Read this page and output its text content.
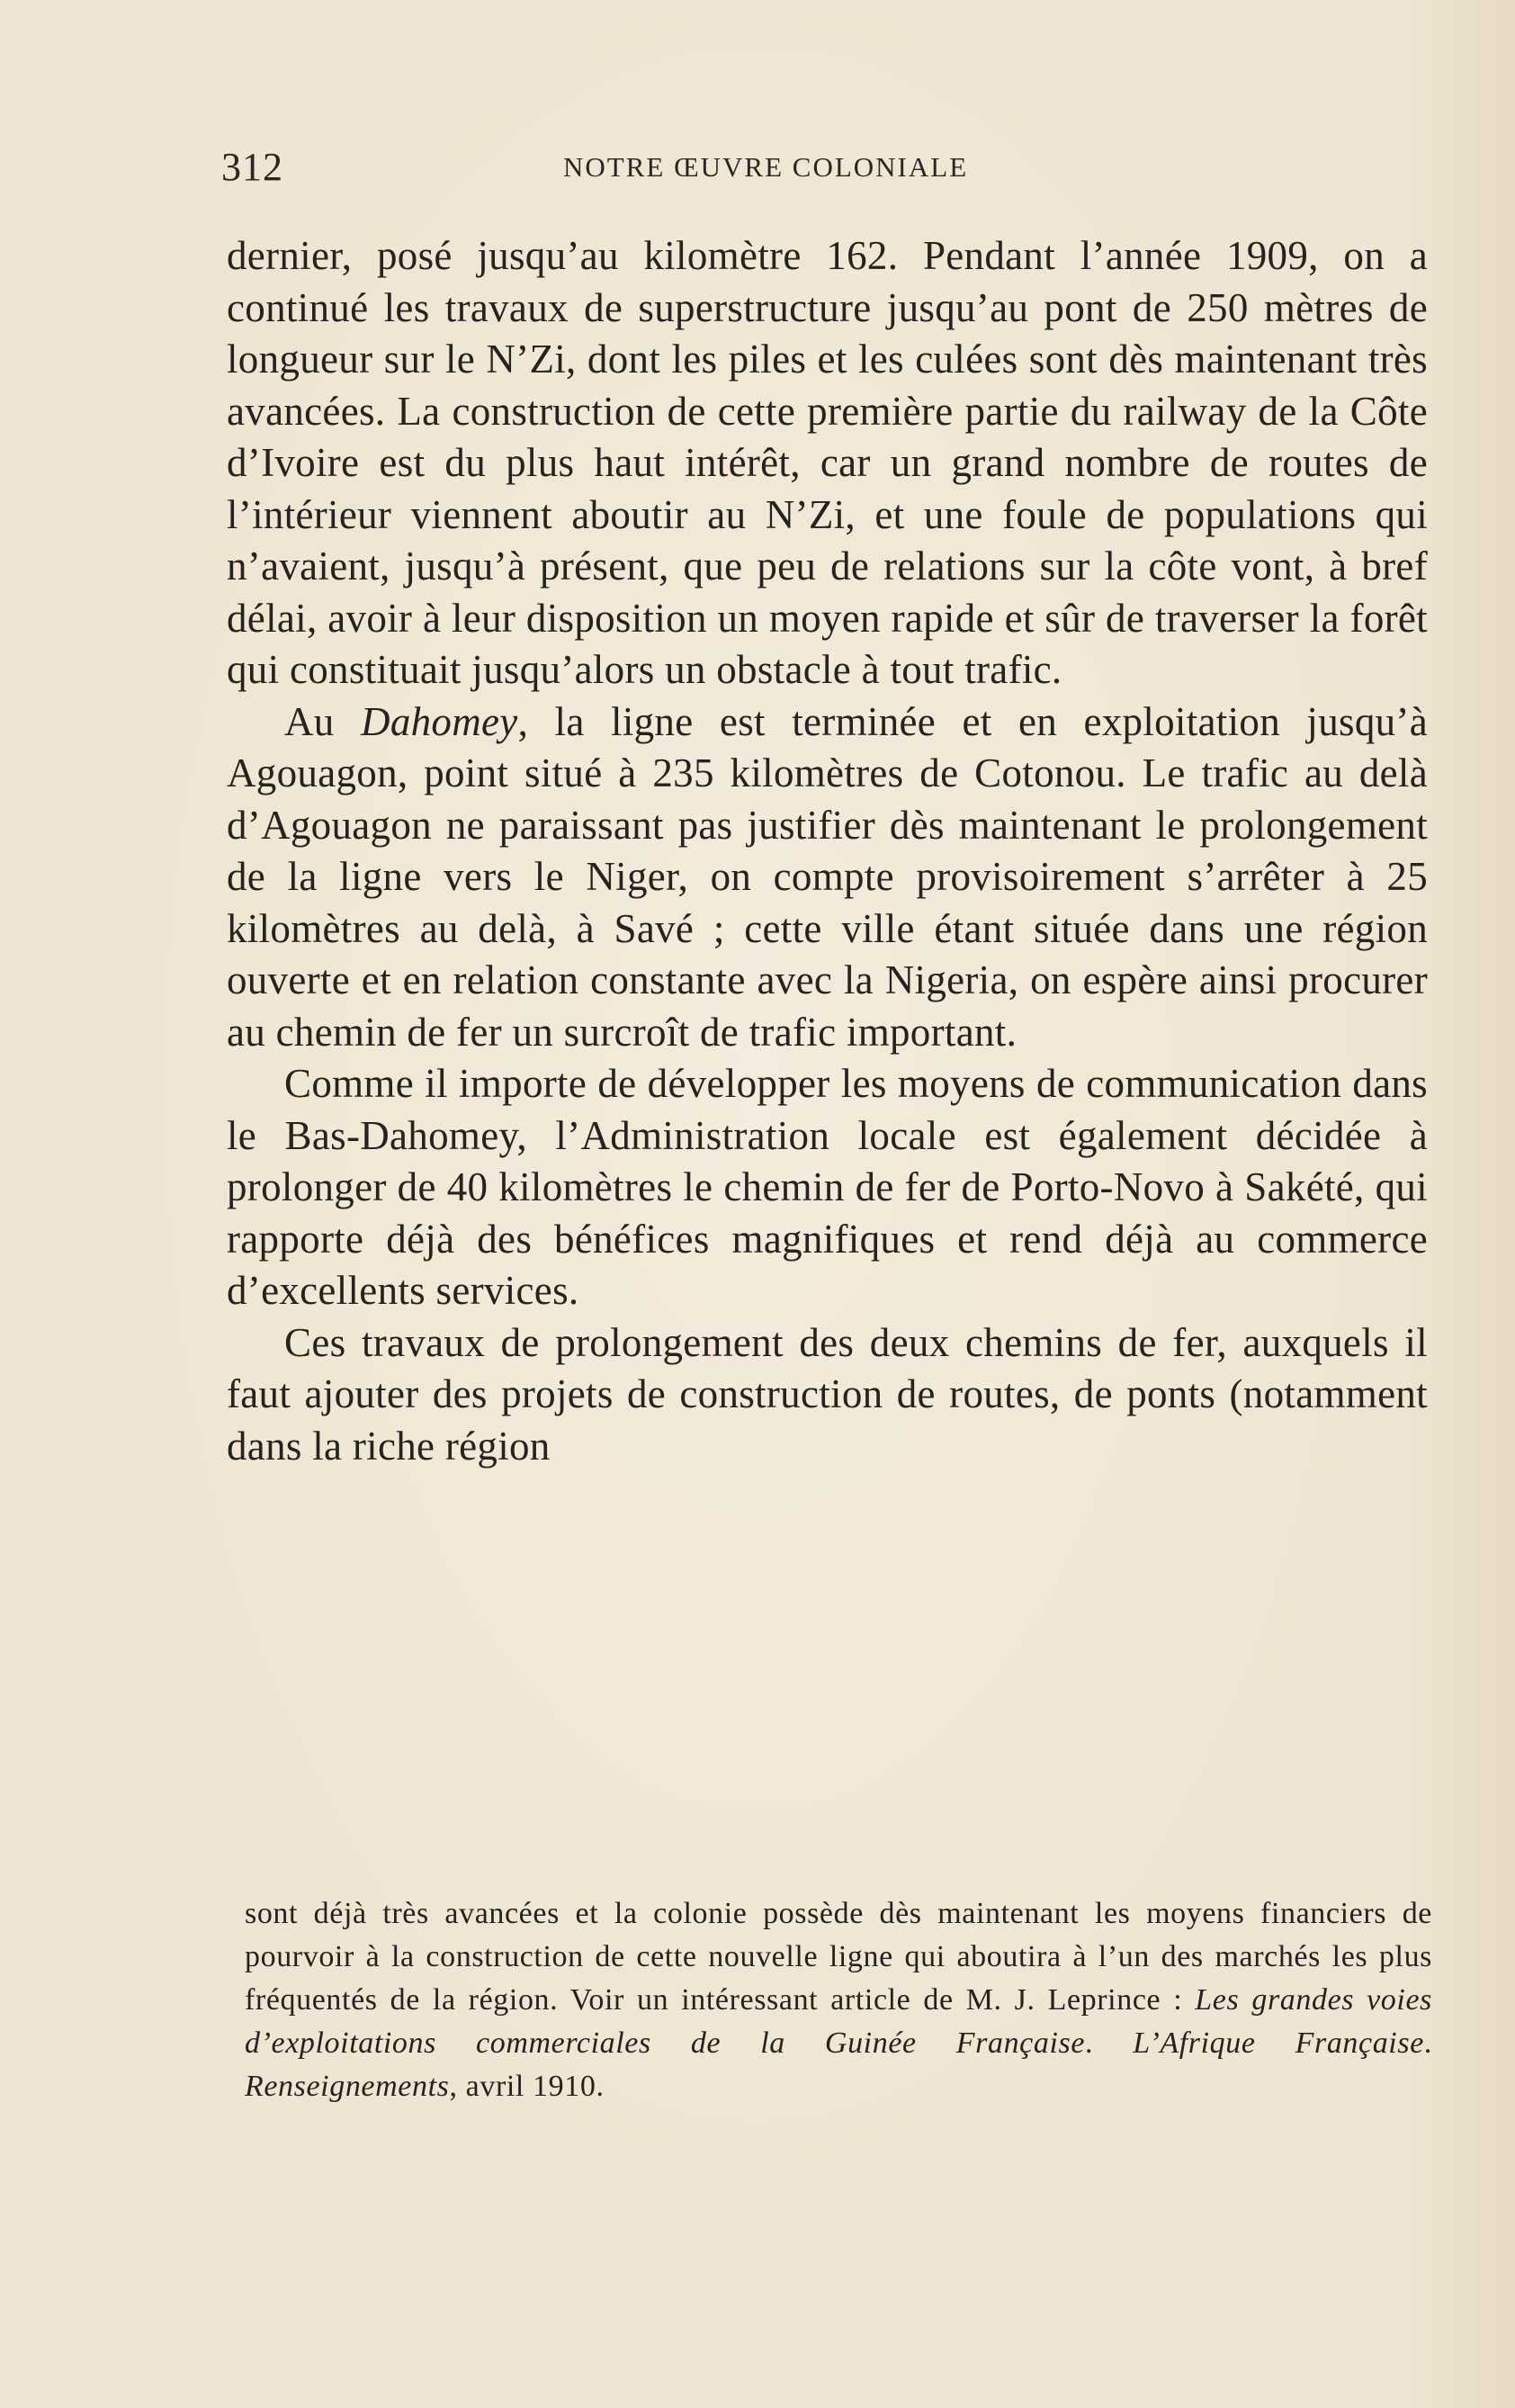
312	NOTRE ŒUVRE COLONIALE

dernier, posé jusqu’au kilomètre 162. Pendant l’année 1909, on a continué les travaux de superstructure jusqu’au pont de 250 mètres de longueur sur le N’Zi, dont les piles et les culées sont dès maintenant très avancées. La construction de cette première partie du railway de la Côte d’Ivoire est du plus haut intérêt, car un grand nombre de routes de l’intérieur viennent aboutir au N’Zi, et une foule de populations qui n’avaient, jusqu’à présent, que peu de relations sur la côte vont, à bref délai, avoir à leur disposition un moyen rapide et sûr de traverser la forêt qui constituait jusqu’alors un obstacle à tout trafic.

Au Dahomey, la ligne est terminée et en exploitation jusqu’à Agouagon, point situé à 235 kilomètres de Cotonou. Le trafic au delà d’Agouagon ne paraissant pas justifier dès maintenant le prolongement de la ligne vers le Niger, on compte provisoirement s’arrêter à 25 kilomètres au delà, à Savé ; cette ville étant située dans une région ouverte et en relation constante avec la Nigeria, on espère ainsi procurer au chemin de fer un surcroît de trafic important.

Comme il importe de développer les moyens de communication dans le Bas-Dahomey, l’Administration locale est également décidée à prolonger de 40 kilomètres le chemin de fer de Porto-Novo à Sakété, qui rapporte déjà des bénéfices magnifiques et rend déjà au commerce d’excellents services.

Ces travaux de prolongement des deux chemins de fer, auxquels il faut ajouter des projets de construction de routes, de ponts (notamment dans la riche région

sont déjà très avancées et la colonie possède dès maintenant les moyens financiers de pourvoir à la construction de cette nouvelle ligne qui aboutira à l’un des marchés les plus fréquentés de la région. Voir un intéressant article de M. J. Leprince : Les grandes voies d’exploitations commerciales de la Guinée Française. L’Afrique Française. Renseignements, avril 1910.
